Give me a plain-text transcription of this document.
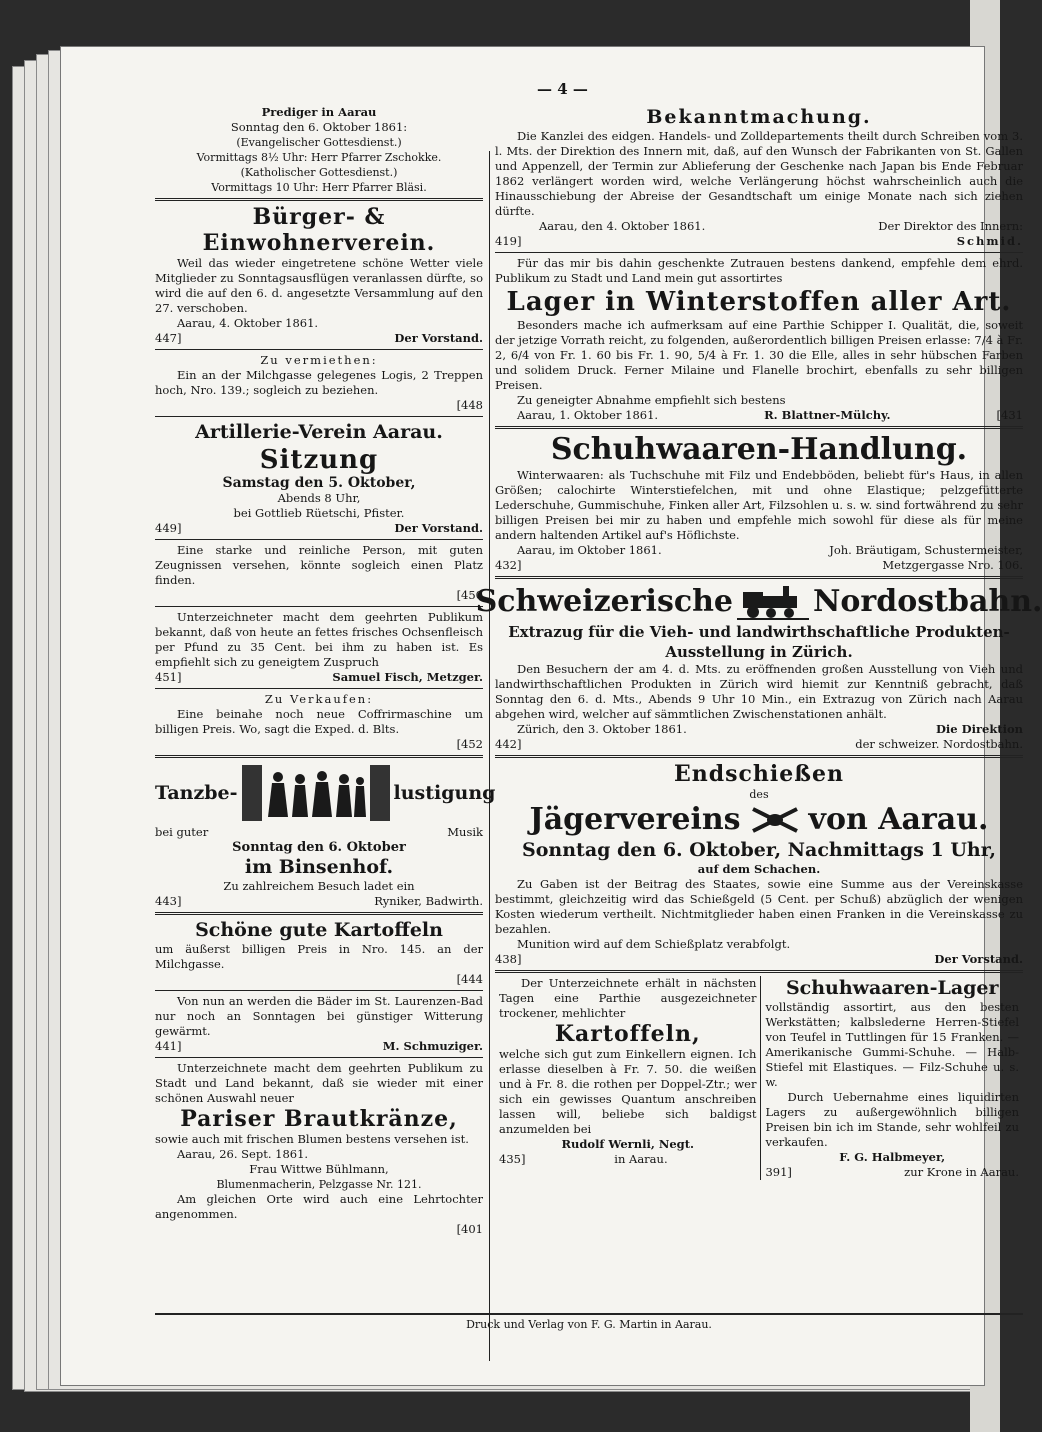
— 4 —

Prediger in Aarau

Sonntag den 6. Oktober 1861:

(Evangelischer Gottesdienst.)

Vormittags 8½ Uhr: Herr Pfarrer Zschokke.

(Katholischer Gottesdienst.)

Vormittags 10 Uhr: Herr Pfarrer Bläsi.

Bürger- & Einwohnerverein.

Weil das wieder eingetretene schöne Wetter viele Mitglieder zu Sonntagsausflügen veranlassen dürfte, so wird die auf den 6. d. angesetzte Versammlung auf den 27. verschoben.

Aarau, 4. Oktober 1861.

447]	Der Vorstand.

Zu vermiethen:

Ein an der Milchgasse gelegenes Logis, 2 Treppen hoch, Nro. 139.; sogleich zu beziehen.

[448

Artillerie-Verein Aarau.

Sitzung

Samstag den 5. Oktober,

Abends 8 Uhr,

bei Gottlieb Rüetschi, Pfister.

449]	Der Vorstand.

Eine starke und reinliche Person, mit guten Zeugnissen versehen, könnte sogleich einen Platz finden.

[450

Unterzeichneter macht dem geehrten Publikum bekannt, daß von heute an fettes frisches Ochsenfleisch per Pfund zu 35 Cent. bei ihm zu haben ist. Es empfiehlt sich zu geneigtem Zuspruch

451]	Samuel Fisch, Metzger.

Zu Verkaufen:

Eine beinahe noch neue Coffrirmaschine um billigen Preis. Wo, sagt die Exped. d. Blts.

[452
Tanzbe-	lustigung
bei guter	Musik

Sonntag den 6. Oktober

im Binsenhof.

Zu zahlreichem Besuch ladet ein

443]	Ryniker, Badwirth.

Schöne gute Kartoffeln

um äußerst billigen Preis in Nro. 145. an der Milchgasse.

[444

Von nun an werden die Bäder im St. Laurenzen-Bad nur noch an Sonntagen bei günstiger Witterung gewärmt.

441]	M. Schmuziger.

Unterzeichnete macht dem geehrten Publikum zu Stadt und Land bekannt, daß sie wieder mit einer schönen Auswahl neuer

Pariser Brautkränze,

sowie auch mit frischen Blumen bestens versehen ist.

Aarau, 26. Sept. 1861.

Frau Wittwe Bühlmann,

Blumenmacherin, Pelzgasse Nr. 121.

Am gleichen Orte wird auch eine Lehrtochter angenommen.

[401

Bekanntmachung.

Die Kanzlei des eidgen. Handels- und Zolldepartements theilt durch Schreiben vom 3. l. Mts. der Direktion des Innern mit, daß, auf den Wunsch der Fabrikanten von St. Gallen und Appenzell, der Termin zur Ablieferung der Geschenke nach Japan bis Ende Februar 1862 verlängert worden wird, welche Verlängerung höchst wahrscheinlich auch die Hinausschiebung der Abreise der Gesandtschaft um einige Monate nach sich ziehen dürfte.

Aarau, den 4. Oktober 1861.	Der Direktor des Innern:
419]	Schmid.

Für das mir bis dahin geschenkte Zutrauen bestens dankend, empfehle dem ehrd. Publikum zu Stadt und Land mein gut assortirtes

Lager in Winterstoffen aller Art.

Besonders mache ich aufmerksam auf eine Parthie Schipper I. Qualität, die, soweit der jetzige Vorrath reicht, zu folgenden, außerordentlich billigen Preisen erlasse: 7/4 à Fr. 2, 6/4 von Fr. 1. 60 bis Fr. 1. 90, 5/4 à Fr. 1. 30 die Elle, alles in sehr hübschen Farben und solidem Druck. Ferner Milaine und Flanelle brochirt, ebenfalls zu sehr billigen Preisen.

Zu geneigter Abnahme empfiehlt sich bestens

Aarau, 1. Oktober 1861.	R. Blattner-Mülchy.	[431

Schuhwaaren-Handlung.

Winterwaaren: als Tuchschuhe mit Filz und Endebböden, beliebt für's Haus, in allen Größen; calochirte Winterstiefelchen, mit und ohne Elastique; pelzgefütterte Lederschuhe, Gummischuhe, Finken aller Art, Filzsohlen u. s. w. sind fortwährend zu sehr billigen Preisen bei mir zu haben und empfehle mich sowohl für diese als für meine andern haltenden Artikel auf's Höflichste.

Aarau, im Oktober 1861.	Joh. Bräutigam, Schustermeister,
432]	Metzgergasse Nro. 106.
Schweizerische	Nordostbahn.

Extrazug für die Vieh- und landwirthschaftliche Produkten-

Ausstellung in Zürich.

Den Besuchern der am 4. d. Mts. zu eröffnenden großen Ausstellung von Vieh und landwirthschaftlichen Produkten in Zürich wird hiemit zur Kenntniß gebracht, daß Sonntag den 6. d. Mts., Abends 9 Uhr 10 Min., ein Extrazug von Zürich nach Aarau abgehen wird, welcher auf sämmtlichen Zwischenstationen anhält.

Zürich, den 3. Oktober 1861.	Die Direktion
442]	der schweizer. Nordostbahn.

Endschießen

des

Jägervereins von Aarau.

Sonntag den 6. Oktober, Nachmittags 1 Uhr,

auf dem Schachen.

Zu Gaben ist der Beitrag des Staates, sowie eine Summe aus der Vereinskasse bestimmt, gleichzeitig wird das Schießgeld (5 Cent. per Schuß) abzüglich der wenigen Kosten wiederum vertheilt. Nichtmitglieder haben einen Franken in die Vereinskasse zu bezahlen.

Munition wird auf dem Schießplatz verabfolgt.

438]	Der Vorstand.

Der Unterzeichnete erhält in nächsten Tagen eine Parthie ausgezeichneter trockener, mehlichter

Kartoffeln,

welche sich gut zum Einkellern eignen. Ich erlasse dieselben à Fr. 7. 50. die weißen und à Fr. 8. die rothen per Doppel-Ztr.; wer sich ein gewisses Quantum anschreiben lassen will, beliebe sich baldigst anzumelden bei

Rudolf Wernli, Negt.

435]	in Aarau.

Schuhwaaren-Lager

vollständig assortirt, aus den besten Werkstätten; kalbslederne Herren-Stiefel von Teufel in Tuttlingen für 15 Franken. — Amerikanische Gummi-Schuhe. — Halb-Stiefel mit Elastiques. — Filz-Schuhe u. s. w.

Durch Uebernahme eines liquidirten Lagers zu außergewöhnlich billigen Preisen bin ich im Stande, sehr wohlfeil zu verkaufen.

F. G. Halbmeyer,

391]	zur Krone in Aarau.
Druck und Verlag von F. G. Martin in Aarau.
